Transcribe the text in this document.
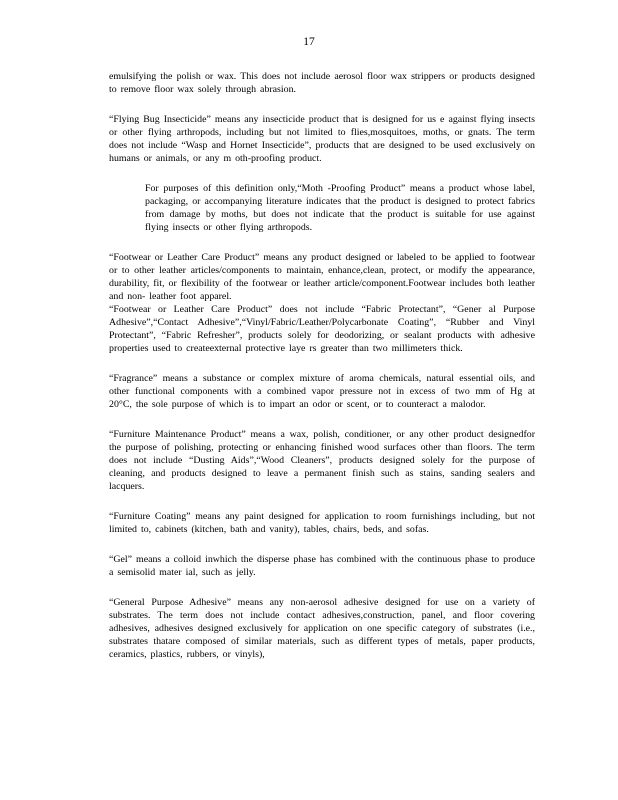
17

emulsifying the polish or wax. This does not include aerosol floor wax strippers or products designed to remove floor wax solely through abrasion.

“Flying Bug Insecticide” means any insecticide product that is designed for us e against flying insects or other flying arthropods, including but not limited to flies,mosquitoes, moths, or gnats. The term does not include “Wasp and Hornet Insecticide”, products that are designed to be used exclusively on humans or animals, or any m oth-proofing product.

For purposes of this definition only,“Moth -Proofing Product” means a product whose label, packaging, or accompanying literature indicates that the product is designed to protect fabrics from damage by moths, but does not indicate that the product is suitable for use against flying insects or other flying arthropods.

“Footwear or Leather Care Product” means any product designed or labeled to be applied to footwear or to other leather articles/components to maintain, enhance,clean, protect, or modify the appearance, durability, fit, or flexibility of the footwear or leather article/component.Footwear includes both leather and non- leather foot apparel.

“Footwear or Leather Care Product” does not include “Fabric Protectant”, “Gener al Purpose Adhesive”,“Contact Adhesive”,“Vinyl/Fabric/Leather/Polycarbonate Coating”, “Rubber and Vinyl Protectant”, “Fabric Refresher”, products solely for deodorizing, or sealant products with adhesive properties used to createexternal protective laye rs greater than two millimeters thick.

“Fragrance” means a substance or complex mixture of aroma chemicals, natural essential oils, and other functional components with a combined vapor pressure not in excess of two mm of Hg at 20°C, the sole purpose of which is to impart an odor or scent, or to counteract a malodor.

“Furniture Maintenance Product” means a wax, polish, conditioner, or any other product designedfor the purpose of polishing, protecting or enhancing finished wood surfaces other than floors. The term does not include “Dusting Aids”,“Wood Cleaners”, products designed solely for the purpose of cleaning, and products designed to leave a permanent finish such as stains, sanding sealers and lacquers.

“Furniture Coating” means any paint designed for application to room furnishings including, but not limited to, cabinets (kitchen, bath and vanity), tables, chairs, beds, and sofas.

“Gel” means a colloid inwhich the disperse phase has combined with the continuous phase to produce a semisolid mater ial, such as jelly.

“General Purpose Adhesive” means any non-aerosol adhesive designed for use on a variety of substrates. The term does not include contact adhesives,construction, panel, and floor covering adhesives, adhesives designed exclusively for application on one specific category of substrates (i.e., substrates thatare composed of similar materials, such as different types of metals, paper products, ceramics, plastics, rubbers, or vinyls),
